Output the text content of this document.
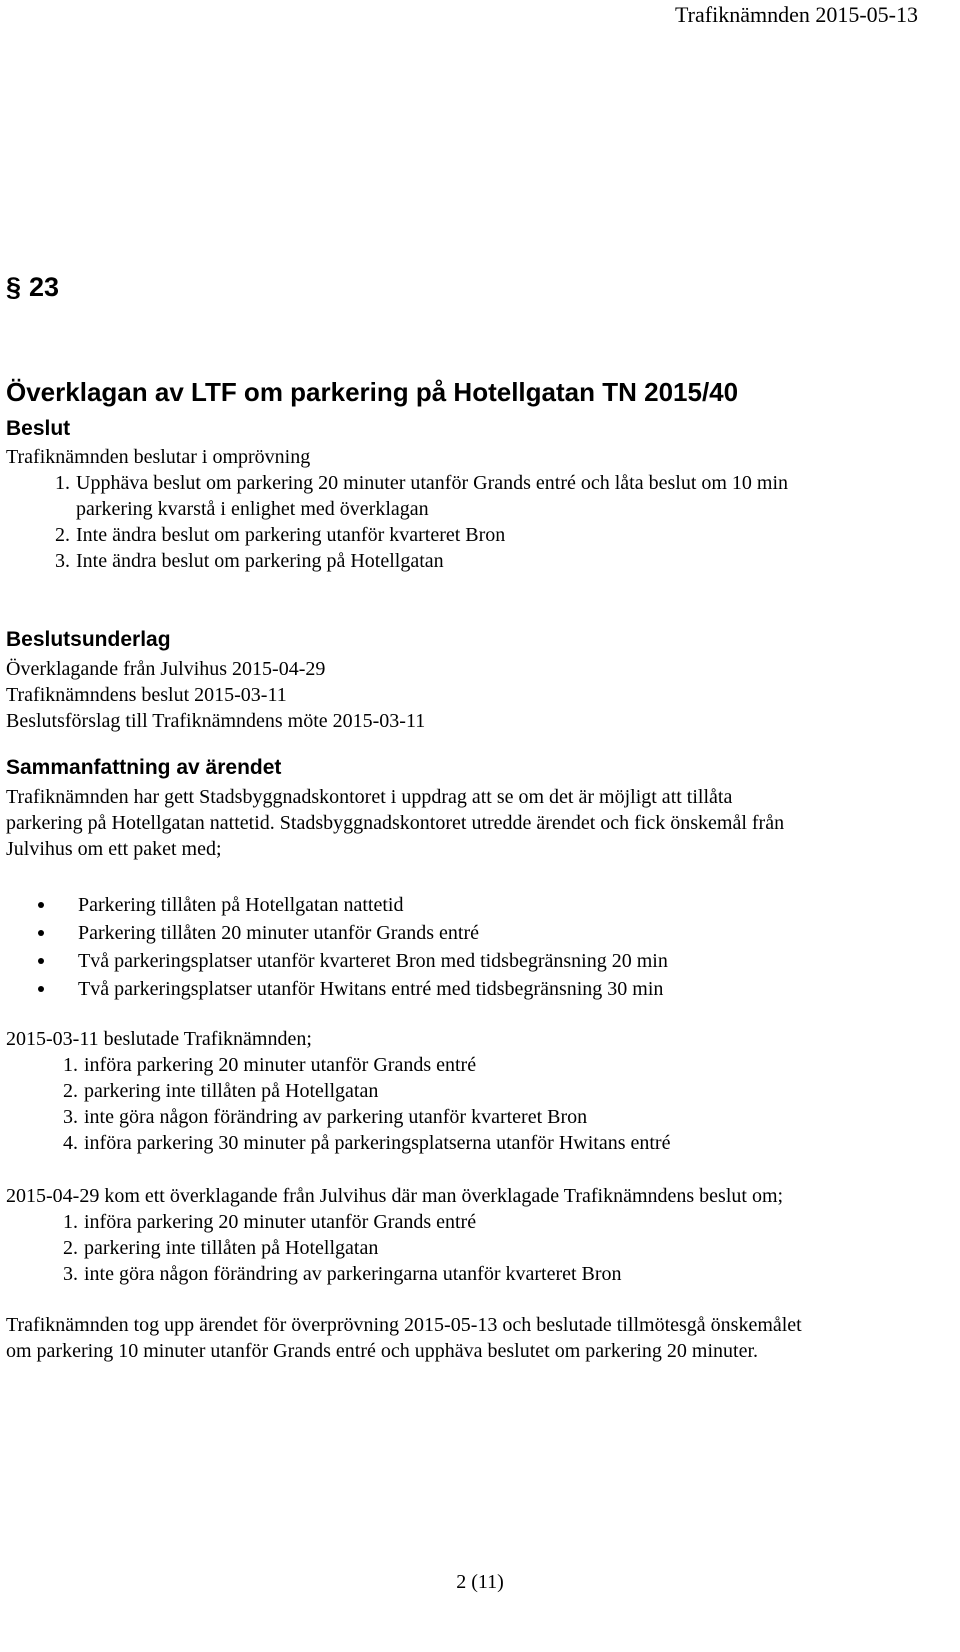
Trafiknämnden 2015-05-13
§ 23
Överklagan av LTF om parkering på Hotellgatan TN 2015/40
Beslut
Trafiknämnden beslutar i omprövning
1. Upphäva beslut om parkering 20 minuter utanför Grands entré och låta beslut om 10 min
parkering kvarstå i enlighet med överklagan
2. Inte ändra beslut om parkering utanför kvarteret Bron
3. Inte ändra beslut om parkering på Hotellgatan
Beslutsunderlag
Överklagande från Julvihus 2015-04-29
Trafiknämndens beslut 2015-03-11
Beslutsförslag till Trafiknämndens möte 2015-03-11
Sammanfattning av ärendet
Trafiknämnden har gett Stadsbyggnadskontoret i uppdrag att se om det är möjligt att tillåta
parkering på Hotellgatan nattetid. Stadsbyggnadskontoret utredde ärendet och fick önskemål från
Julvihus om ett paket med;
Parkering tillåten på Hotellgatan nattetid
Parkering tillåten 20 minuter utanför Grands entré
Två parkeringsplatser utanför kvarteret Bron med tidsbegränsning 20 min
Två parkeringsplatser utanför Hwitans entré med tidsbegränsning 30 min
2015-03-11 beslutade Trafiknämnden;
1. införa parkering 20 minuter utanför Grands entré
2. parkering inte tillåten på Hotellgatan
3. inte göra någon förändring av parkering utanför kvarteret Bron
4. införa parkering 30 minuter på parkeringsplatserna utanför Hwitans entré
2015-04-29 kom ett överklagande från Julvihus där man överklagade Trafiknämndens beslut om;
1. införa parkering 20 minuter utanför Grands entré
2. parkering inte tillåten på Hotellgatan
3. inte göra någon förändring av parkeringarna utanför kvarteret Bron
Trafiknämnden tog upp ärendet för överprövning 2015-05-13 och beslutade tillmötesgå önskemålet
om parkering 10 minuter utanför Grands entré och upphäva beslutet om parkering 20 minuter.
2 (11)
